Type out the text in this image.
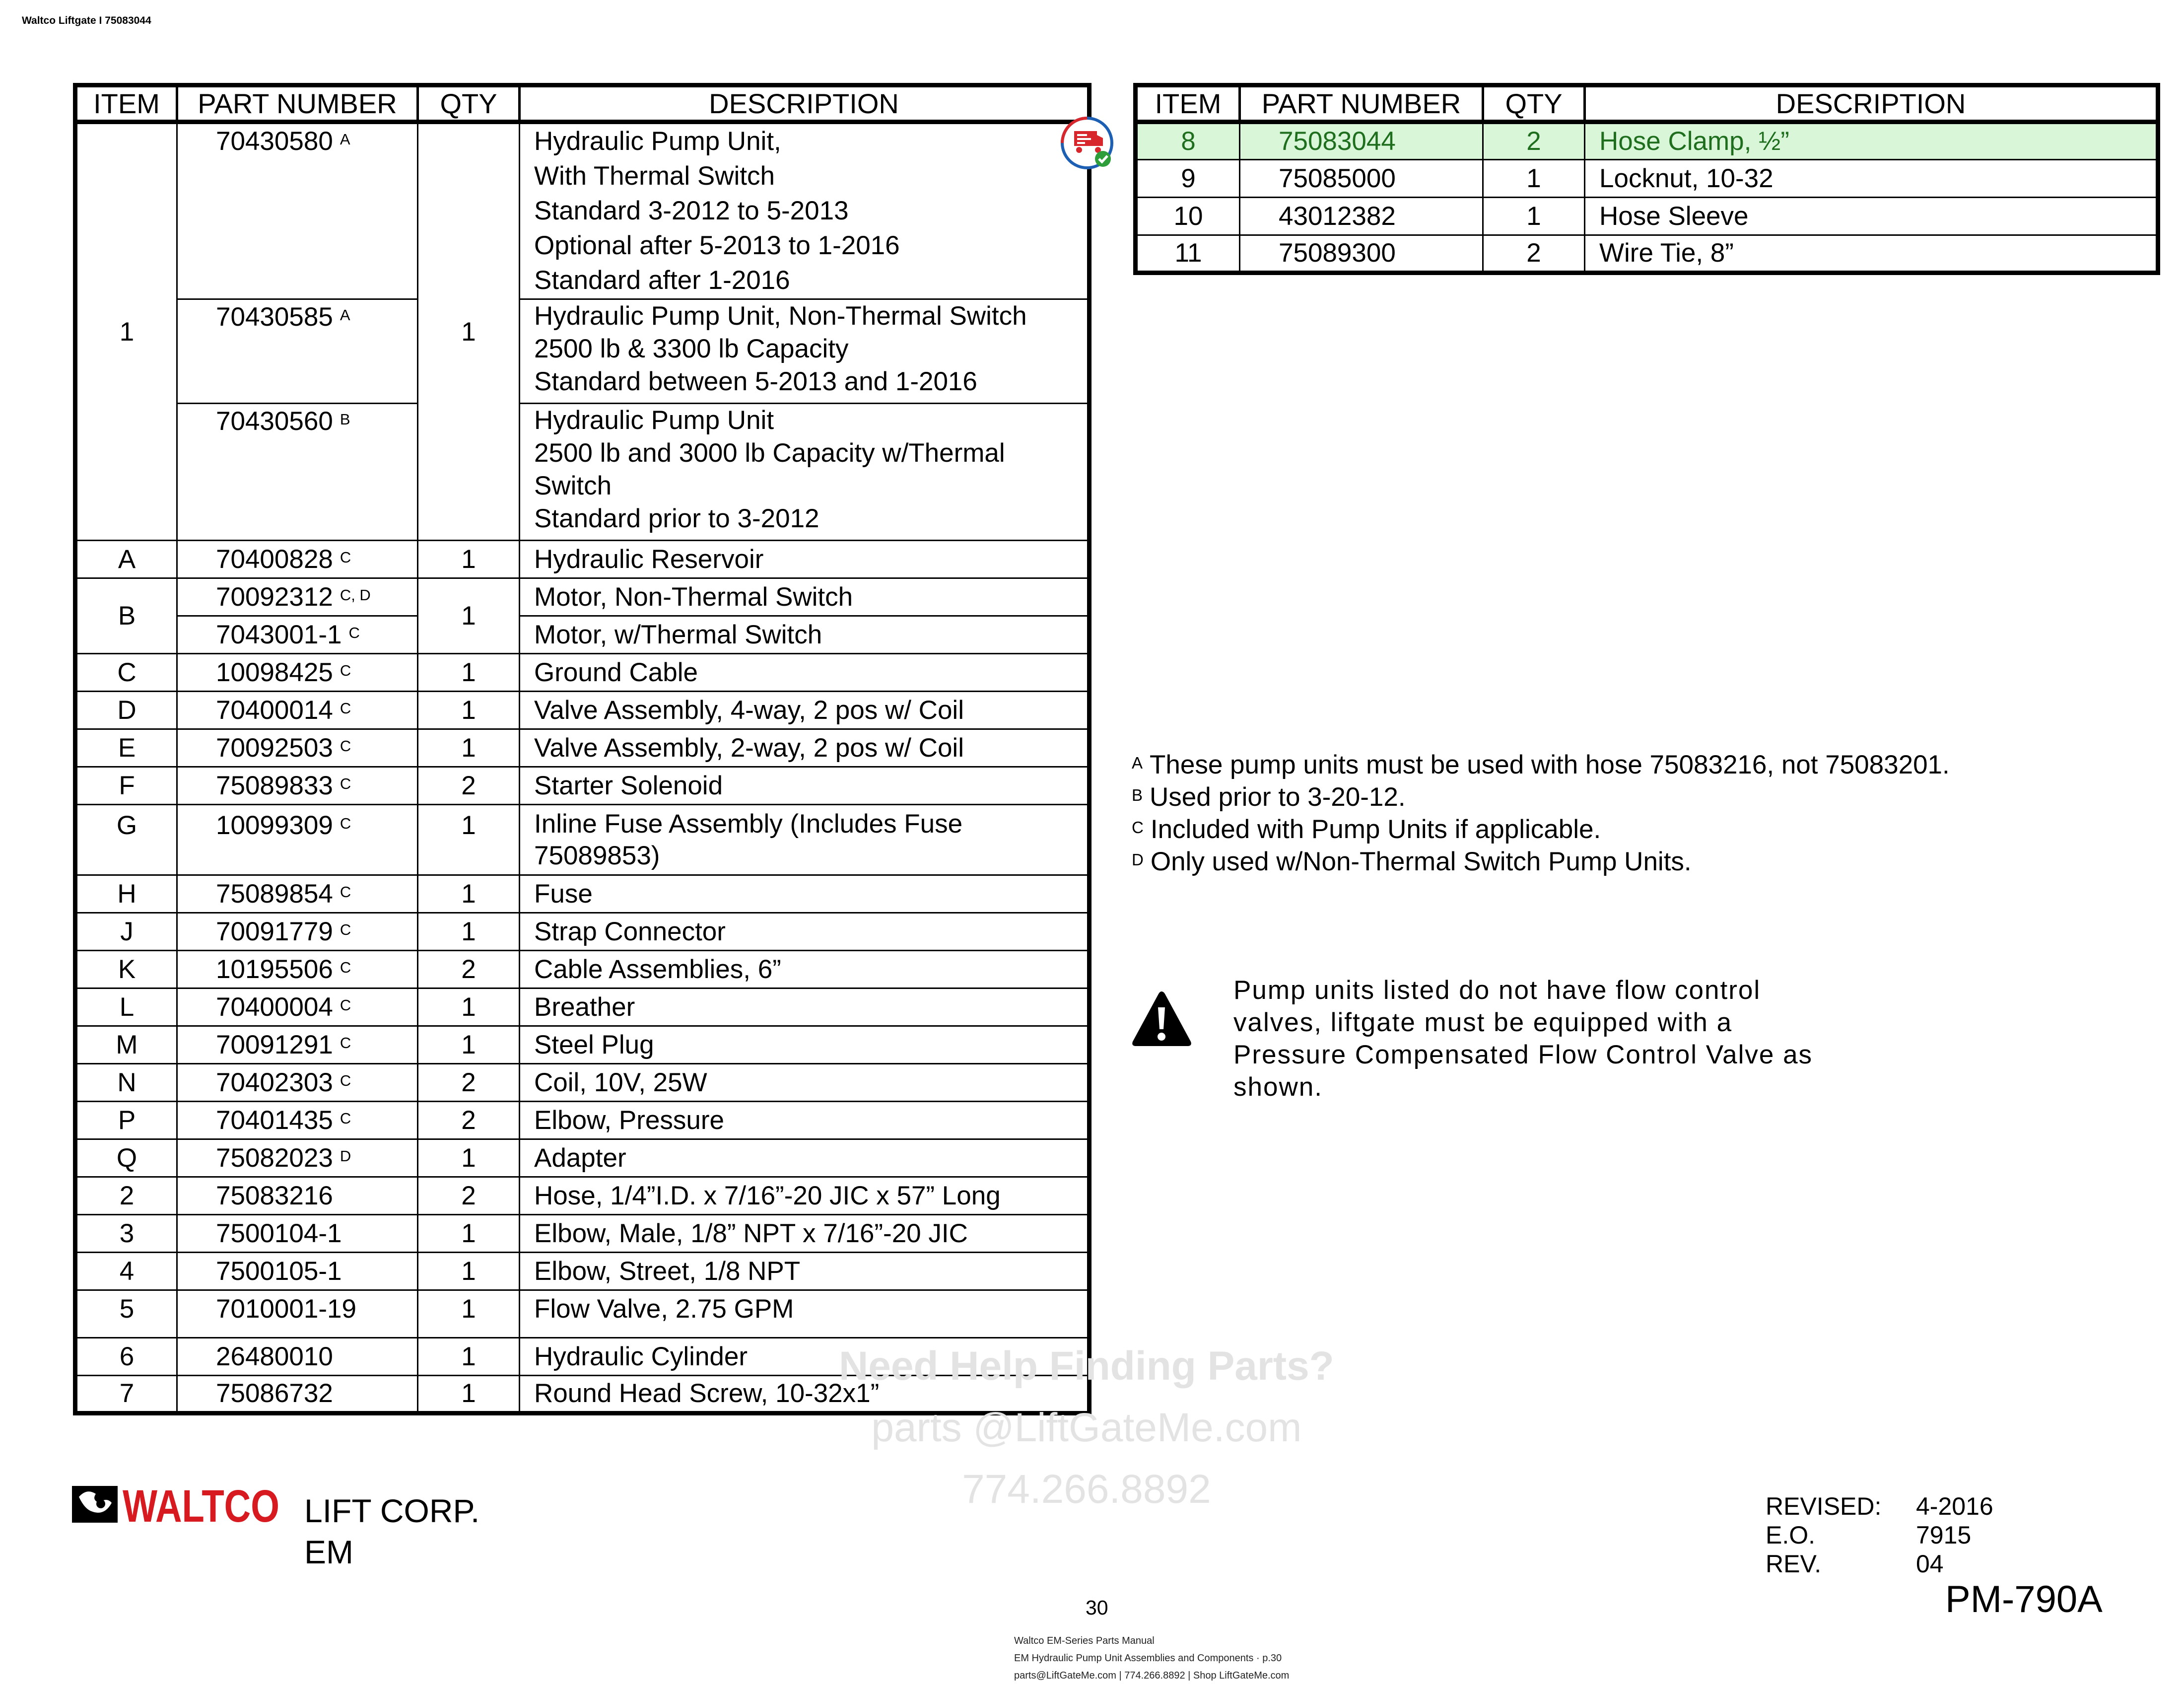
Waltco Liftgate I 75083044
ITEM	PART NUMBER	QTY	DESCRIPTION
1	70430580 $^A$	1	Hydraulic Pump Unit,
With Thermal Switch
Standard 3-2012 to 5-2013
Optional after 5-2013 to 1-2016
Standard after 1-2016

	70430585 $^A$		Hydraulic Pump Unit, Non-Thermal Switch
2500 lb & 3300 lb Capacity
Standard between 5-2013 and 1-2016

	70430560 $^B$		Hydraulic Pump Unit
2500 lb and 3000 lb Capacity w/Thermal
Switch
Standard prior to 3-2012

A	70400828 $^C$	1	Hydraulic Reservoir
B	70092312 $^{C, D}$	1	Motor, Non-Thermal Switch
	7043001-1 $^C$		Motor, w/Thermal Switch
C	10098425 $^C$	1	Ground Cable
D	70400014 $^C$	1	Valve Assembly, 4-way, 2 pos w/ Coil
E	70092503 $^C$	1	Valve Assembly, 2-way, 2 pos w/ Coil
F	75089833 $^C$	2	Starter Solenoid
G	10099309 $^C$	1	Inline Fuse Assembly (Includes Fuse
75089853)

H	75089854 $^C$	1	Fuse
J	70091779 $^C$	1	Strap Connector
K	10195506 $^C$	2	Cable Assemblies, 6”
L	70400004 $^C$	1	Breather
M	70091291 $^C$	1	Steel Plug
N	70402303 $^C$	2	Coil, 10V, 25W
P	70401435 $^C$	2	Elbow, Pressure
Q	75082023 $^D$	1	Adapter
2	75083216	2	Hose, 1/4”I.D. x 7/16”-20 JIC x 57” Long
3	7500104-1	1	Elbow, Male, 1/8” NPT x 7/16”-20 JIC
4	7500105-1	1	Elbow, Street, 1/8 NPT
5	7010001-19	1	Flow Valve, 2.75 GPM
6	26480010	1	Hydraulic Cylinder
7	75086732	1	Round Head Screw, 10-32x1”
ITEM	PART NUMBER	QTY	DESCRIPTION
8	75083044	2	Hose Clamp, ½”
9	75085000	1	Locknut, 10-32
10	43012382	1	Hose Sleeve
11	75089300	2	Wire Tie, 8”
$^A$ These pump units must be used with hose 75083216, not 75083201.
$^B$ Used prior to 3-20-12.
$^C$ Included with Pump Units if applicable.
$^D$ Only used w/Non-Thermal Switch Pump Units.
Pump units listed do not have flow control
valves, liftgate must be equipped with a
Pressure Compensated Flow Control Valve as
shown.
Need Help Finding Parts?
parts @LiftGateMe.com
774.266.8892
WALTCO LIFT CORP.
EM
REVISED:	4-2016
E.O.	7915
REV.	04
PM-790A
30
Waltco EM-Series Parts Manual
EM Hydraulic Pump Unit Assemblies and Components · p.30
parts@LiftGateMe.com | 774.266.8892 | Shop LiftGateMe.com
